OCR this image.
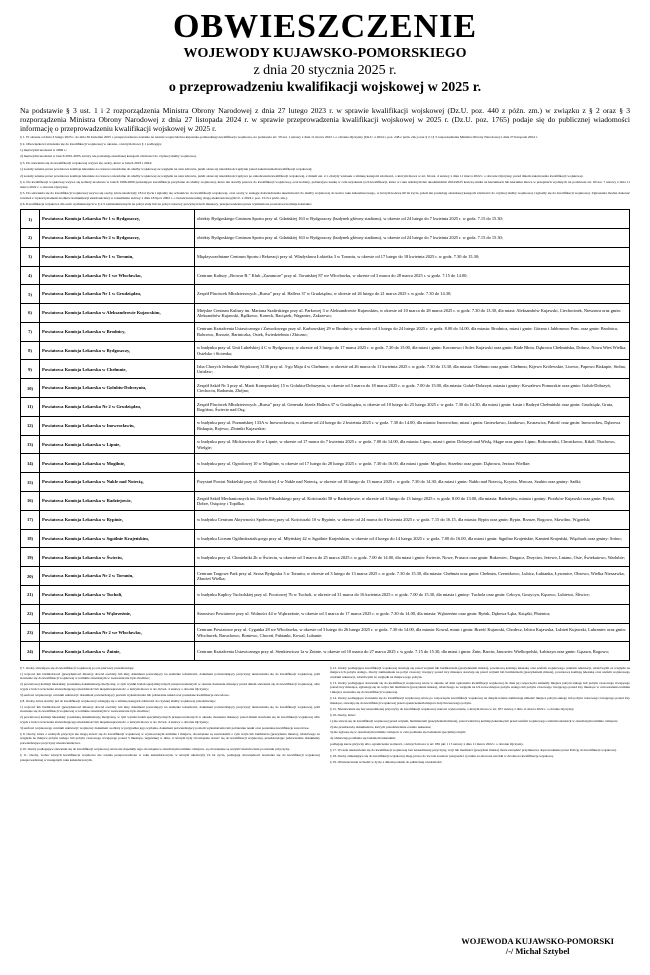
OBWIESZCZENIE
WOJEWODY KUJAWSKO-POMORSKIEGO
z dnia 20 stycznia 2025 r.
o przeprowadzeniu kwalifikacji wojskowej w 2025 r.
Na podstawie § 3 ust. 1 i 2 rozporządzenia Ministra Obrony Narodowej z dnia 27 lutego 2023 r. w sprawie kwalifikacji wojskowej (Dz.U. poz. 440 z późn. zm.) w związku z § 2 oraz § 3 rozporządzenia Ministra Obrony Narodowej z dnia 27 listopada 2024 r. w sprawie przeprowadzenia kwalifikacji wojskowej w 2025 r. (Dz.U. poz. 1765) podaje się do publicznej wiadomości informację o przeprowadzeniu kwalifikacji wojskowej w 2025 r.
§ 1. W okresie od dnia 3 lutego 2025 r. do dnia 30 kwietnia 2025 r. przeprowadzona zostanie na terenie województwa kujawsko-pomorskiego kwalifikacja wojskowa, na podstawie art. 59 ust. 1 ustawy z dnia 11 marca 2022 r. o obronie Ojczyzny (Dz.U. z 2024 r. poz. 248 z późn. zm.) oraz § 2 i § 3 rozporządzenia Ministra Obrony Narodowej z dnia 27 listopada 2024 r.
§ 2. Obowiązkowi stawienia się do kwalifikacji wojskowej w okresie, o którym mowa § 1 podlegają:
1) mężczyźni urodzeni w 2006 r.;
2) mężczyźni urodzeni w latach 2001-2005, którzy nie posiadają określonej kategorii zdolności do czynnej służby wojskowej.
§ 3. Do stawienia się do kwalifikacji wojskowej wzywa się osoby, które w latach 2023 i 2024:
1) zostały uznane przez powiatowe komisje lekarskie za czasowo niezdolne do służby wojskowej ze względu na stan zdrowia, jeżeli okres tej niezdolności upłynie przed zakończeniem kwalifikacji wojskowej;
2) zostały uznane przez powiatowe komisje lekarskie za czasowo niezdolne do służby wojskowej ze względu na stan zdrowia, jeżeli okres tej niezdolności upływa po zakończeniu kwalifikacji wojskowej, z dniem ust. 2, i złożyły wniosek o zmianę kategorii zdolności, o którym mowa w art. 64 ust. 4 ustawy z dnia 11 marca 2022 r. o obronie Ojczyzny, przed dniem zakończenia kwalifikacji wojskowej.
§ 4. Do kwalifikacji wojskowej wzywa się kobiety urodzone w latach 1996-2006 posiadające kwalifikacje przydatne do służby wojskowej, które nie stawiły jeszcze do kwalifikacji wojskowej, oraz kobiety, pobierające naukę w celu uzyskania tych kwalifikacji, które w roku szkolnym lub akademickim 2024/2025 kończą studia na kierunkach lub kierunku mowa w przepisach wydanych na podstawie art. 60 ust. 7 ustawy z dnia 11 marca 2022 r. o obronie Ojczyzny.
§ 5. Do stawienia się do kwalifikacji wojskowej wzywa się osoby, które ukończyły 18 lat życia i zgłosiły się ochotniczo do kwalifikacji wojskowej, oraz osoby w zasięgu doświadczenia niezdolności do służby wojskowej do końca roku kalendarzowego, w którym kończą 60 lat życia, jeżeli nie posiadają określonej kategorii zdolności do czynnej służby wojskowej i zgłosiły się do kwalifikacji wojskowej. Zgłoszenia można dokonać również z wykorzystaniem środków komunikacji elektronicznej w rozumieniu ustawy z dnia 18 lipca 2002 r. o świadczeniu usług drogą elektroniczną (Dz.U. z 2024 r. poz. 1513 z późn. zm.).
§ 6. Kwalifikacja wojskowa dla osób wymienionych w § 2-5 zamieszkiwanych na pobyt stały lub na pobyt czasowy powyżej trzech miesięcy, przeprowadzana przez wymienione powiatowe komisje lekarskie:
1)	Powiatowa Komisja Lekarska Nr 1 w Bydgoszczy,	obiekty Bydgoskiego Centrum Sportu przy ul. Gdańskiej 163 w Bydgoszczy (budynek główny stadionu), w okresie od 24 lutego do 7 kwietnia 2025 r. w godz. 7.15 do 15.30;
2)	Powiatowa Komisja Lekarska Nr 2 w Bydgoszczy,	obiekty Bydgoskiego Centrum Sportu przy ul. Gdańskiej 163 w Bydgoszczy (budynek główny stadionu), w okresie od 24 lutego do 7 kwietnia 2025 r. w godz. 7.15 do 15.30;
3)	Powiatowa Komisja Lekarska Nr 1 w Toruniu,	Międzyuczelniane Centrum Sportu i Rekreacji przy ul. Władysława Łokietka 3 w Toruniu, w okresie od 17 lutego do 18 kwietnia 2025 r. w godz. 7.30 do 15.30;
4)	Powiatowa Komisja Lekarska Nr 1 we Włocławku,	Centrum Kultury „Browar B.” Klub „Zazamcze” przy ul. Toruńskiej 87 we Włocławku, w okresie od 3 marca do 28 marca 2025 r. w godz. 7.15 do 14.00;
5)	Powiatowa Komisja Lekarska Nr 1 w Grudziądzu,	Zespół Placówek Młodzieżowych „Bursa” przy ul. Hallera 37 w Grudziądzu, w okresie od 26 lutego do 21 marca 2025 r. w godz. 7.30 do 14.30;
6)	Powiatowa Komisja Lekarska w Aleksandrowie Kujawskim,	Miejskie Centrum Kultury im. Mariana Szafirskiego przy ul. Parkowej 3 w Aleksandrowie Kujawskim, w okresie od 10 marca do 28 marca 2025 r. w godz. 7.30 do 13.30, dla miast: Aleksandrów Kujawski, Ciechocinek, Nieszawa oraz gmin: Aleksandrów Kujawski, Bądkowo, Koneck, Raciążek, Waganiec, Zakrzewo;
7)	Powiatowa Komisja Lekarska w Brodnicy,	Centrum Kształcenia Ustawicznego i Zawodowego przy ul. Karbowskiej 29 w Brodnicy, w okresie od 3 lutego do 24 lutego 2025 r. w godz. 8.00 do 14.00, dla miasta: Brodnica, miast i gmin: Górzno i Jabłonowo Pom. oraz gmin: Brodnica, Bobrowo, Brzozie, Bartniczka, Osiek, Świedziebnia i Zbiczno;
8)	Powiatowa Komisja Lekarska w Bydgoszczy,	w budynku przy ul. Unii Lubelskiej 4 C w Bydgoszczy, w okresie od 3 lutego do 17 marca 2025 r. w godz. 7.30 do 15.00, dla miast i gmin: Koronowo i Solec Kujawski oraz gmin: Białe Błota, Dąbrowa Chełmińska, Dobrcz, Nowa Wieś Wielka, Osielsko i Sicienko;
9)	Powiatowa Komisja Lekarska w Chełmnie,	Izba Chorych Jednostki Wojskowej 3136 przy ul. 3-go Maja 4 w Chełmnie, w okresie od 26 marca do 11 kwietnia 2025 r. w godz. 7.30 do 13.30, dla miasta: Chełmno oraz gmin: Chełmno, Kijewo Królewskie, Lisewo, Papowo Biskupie, Stolno, Unisław;
10)	Powiatowa Komisja Lekarska w Golubiu-Dobrzyniu,	Zespół Szkół Nr 3 przy ul. Marii Konopnickiej 15 w Golubiu-Dobrzyniu, w okresie od 3 marca do 18 marca 2025 r. w godz. 7.00 do 15.00, dla miasta: Golub-Dobrzyń, miasta i gminy: Kowalewo Pomorskie oraz gmin: Golub-Dobrzyń, Ciechocin, Radomin, Zbójno;
11)	Powiatowa Komisja Lekarska Nr 2 w Grudziądzu,	Zespół Placówek Młodzieżowych „Bursa” przy ul. Generała Józefa Hallera 37 w Grudziądzu, w okresie od 10 lutego do 25 lutego 2025 r. w godz. 7.30 do 14.30, dla miast i gmin: Łasin i Radzyń Chełmiński oraz gmin: Grudziądz, Gruta, Rogóźno, Świecie nad Osą;
12)	Powiatowa Komisja Lekarska w Inowrocławiu,	w budynku przy ul. Poznańskiej 133A w Inowrocławiu, w okresie od 24 lutego do 2 kwietnia 2025 r. w godz. 7.30 do 14.00, dla miasta: Inowrocław, miast i gmin: Gniewkowo, Janikowo, Kruszwica, Pakość oraz gmin: Inowrocław, Dąbrowa Biskupia, Rojewo, Złotniki Kujawskie;
13)	Powiatowa Komisja Lekarska w Lipnie,	w budynku przy ul. Mickiewicza 46 w Lipnie, w okresie od 17 marca do 7 kwietnia 2025 r. w godz. 7.00 do 14.00, dla miasta: Lipno, miast i gmin: Dobrzyń nad Wisłą, Skępe oraz gmin: Lipno, Bobrowniki, Chrostkowo, Kikół, Tłuchowo, Wielgie;
14)	Powiatowa Komisja Lekarska w Mogilnie,	w budynku przy ul. Ogrodowej 10 w Mogilnie, w okresie od 17 lutego do 28 lutego 2025 r. w godz. 7.30 do 16.00, dla miast i gmin: Mogilno, Strzelno oraz gmin: Dąbrowa, Jeziora Wielkie;
15)	Powiatowa Komisja Lekarska w Nakle nad Notecią,	Przystań Powiat Nakielski przy ul. Noteckiej 4 w Nakle nad Notecią, w okresie od 18 lutego do 13 marca 2025 r. w godz. 7.30 do 14.30, dla miast i gmin: Nakło nad Notecią, Kcynia, Mrocza, Szubin oraz gminy: Sadki;
16)	Powiatowa Komisja Lekarska w Radziejowie,	Zespół Szkół Mechanicznych im. Józefa Piłsudskiego przy ul. Kościuszki 58 w Radziejowie, w okresie od 3 lutego do 13 lutego 2025 r. w godz. 8.00 do 13.00, dla miasta: Radziejów, miasta i gminy: Piotrków Kujawski oraz gmin: Bytoń, Dobre, Osięciny i Topólka;
17)	Powiatowa Komisja Lekarska w Rypinie,	w budynku Centrum Aktywności Społecznej przy ul. Kościuszki 10 w Rypinie, w okresie od 24 marca do 8 kwietnia 2025 r. w godz. 7.15 do 16.15, dla miasta: Rypin oraz gmin: Rypin, Brzuze, Rogowo, Skrwilno, Wąpielsk;
18)	Powiatowa Komisja Lekarska w Sępólnie Krajeńskim,	w budynku Liceum Ogólnokształcącego przy ul. Młyńskiej 42 w Sępólnie Krajeńskim, w okresie od 4 lutego do 14 lutego 2025 r. w godz. 7.00 do 16.00, dla miast i gmin: Sępólno Krajeńskie, Kamień Krajeński, Więcbork oraz gminy: Sośno;
19)	Powiatowa Komisja Lekarska w Świeciu,	w budynku przy ul. Chmielniki 2b w Świeciu, w okresie od 3 marca do 25 marca 2025 r. w godz. 7.00 do 14.00, dla miast i gmin: Świecie, Nowe, Pruszcz oraz gmin: Bukowiec, Dragacz, Drzycim, Jeżewo, Lniano, Osie, Świekatowo, Warlubie;
20)	Powiatowa Komisja Lekarska Nr 2 w Toruniu,	Centrum Targowe Park przy ul. Szosa Bydgoska 3 w Toruniu, w okresie od 3 lutego do 13 marca 2025 r. w godz. 7.30 do 15.30, dla miasta: Chełmża oraz gmin: Chełmża, Czernikowo, Lubicz, Łubianka, Łysomice, Obrowo, Wielka Nieszawka, Zławieś Wielka;
21)	Powiatowa Komisja Lekarska w Tucholi,	w budynku Kaplicy Tucholskiej przy ul. Pocztowej 7b w Tucholi, w okresie od 31 marca do 16 kwietnia 2025 r. w godz. 7.00 do 15.30, dla miasta i gminy: Tuchola oraz gmin: Cekcyn, Gostycyn, Kęsowo, Lubiewo, Śliwice;
22)	Powiatowa Komisja Lekarska w Wąbrzeźnie,	Starostwo Powiatowe przy ul. Wolności 44 w Wąbrzeźnie, w okresie od 3 marca do 17 marca 2025 r. w godz. 7.30 do 14.00, dla miasta: Wąbrzeźno oraz gmin: Ryńsk, Dębowa Łąka, Książki, Płużnica;
23)	Powiatowa Komisja Lekarska Nr 2 we Włocławku,	Centrum Powiatowe przy ul. Cyganka 28 we Włocławku, w okresie od 3 lutego do 26 lutego 2025 r. w godz. 7.30 do 14.00, dla miasta: Kowal, miast i gmin: Brześć Kujawski, Chodecz, Izbica Kujawska, Lubień Kujawski, Lubraniec oraz gmin: Włocławek, Baruchowo, Boniewo, Choceń, Fabianki, Kowal, Lubanie;
24)	Powiatowa Komisja Lekarska w Żninie,	Centrum Kształcenia Ustawicznego przy ul. Sienkiewicza 1a w Żninie, w okresie od 10 marca do 27 marca 2025 r. w godz. 7.15 do 15.30, dla miast i gmin: Żnin, Barcin, Janowiec Wielkopolski, Łabiszyn oraz gmin: Gąsawa, Rogowo;
§ 7. Osoby stawiające się do kwalifikacji wojskowej po raz pierwszy przedstawiają:
1) wojtowi lub burmistrzowi (prezydentowi miasta): dowód osobisty lub inny dokument pozwalający na ustalenie tożsamości, dokument potwierdzający przyczyny niestawienia się do kwalifikacji wojskowej, jeśli stawienie się do kwalifikacji wojskowej w terminie określonym w wezwaniu nie było możliwe;
2) powiatowej komisji lekarskiej: posiadaną dokumentację medyczną, w tym wyniki badań specjalistycznych przeprowadzonych w okresie dwunastu miesięcy przed dniem stawienia się do kwalifikacji wojskowej, albo wypis z treści orzeczenia stwierdzającego niezdolność lub niepełnosprawność, o którym mowa w art. 62 ust. 4 ustawy o obronie Ojczyzny;
3) szefowi wojskowego centrum rekrutacji: dokument potwierdzający poziom wykształcenia lub pobieranie nauki oraz posiadane kwalifikacje zawodowe.
§ 8. Osoby, które stawiły już do kwalifikacji wojskowej i ubiegają się o zmianę kategorii zdolności do czynnej służby wojskowej przedstawiają:
1) wojtowi lub burmistrzowi (prezydentowi miasta): dowód osobisty lub inny dokument pozwalający na ustalenie tożsamości, dokument potwierdzający przyczyny niestawienia się do kwalifikacji wojskowej, jeśli stawienie się do kwalifikacji wojskowej w terminie określonym w wezwaniu nie było możliwe;
2) powiatowej komisji lekarskiej: posiadaną dokumentację medyczną, w tym wyniki badań specjalistycznych przeprowadzonych w okresie dwunastu miesięcy przed dniem stawienia się do kwalifikacji wojskowej albo wypis z treści orzeczenia stwierdzającego niezdolność lub niepełnosprawność, o którym mowa w art. 62 ust. 4 ustawy o obronie Ojczyzny;
3) szefowi wojskowego centrum rekrutacji: wojskowy dokument osobisty w przypadku jego wydania, dokument potwierdzający poziom wykształcenia lub pobieranie nauki oraz posiadane kwalifikacje zawodowe.
§ 9. Osoby, które z ważnych przyczyn nie mogą stawić się do kwalifikacji wojskowej w wyznaczonym terminie i miejscu, obowiązane są zawiadomić o tym wójta lub burmistrza (prezydenta miasta), właściwego ze względu na miejsce pobytu stałego lub pobytu czasowego trwającego ponad 3 miesiące, najpóźniej w dniu, w którym były obowiązane stawić się do kwalifikacji wojskowej, przedstawiając jednocześnie dokumenty potwierdzające przyczyny niestawiennictwa.
§ 10. Osoby podlegające stawieniu się do kwalifikacji wojskowej, które nie dopełniły tego obowiązku w określonym terminie i miejscu, są obowiązane są uczynić niezwłocznie po ustaniu przyczyny.
§ 11. Osoby, wobec których kwalifikacja wojskowa nie została przeprowadzona w roku kalendarzowym, w którym ukończyły 19 lat życia, podlegają obowiązkowi stawienia się do kwalifikacji wojskowej przeprowadzanej w następnym roku kalendarzowym.
§ 12. Osoby podlegające kwalifikacji wojskowej stawiają się przed wójtem lub burmistrzem (prezydentem miasta), powiatową komisją lekarską oraz szefem wojskowego centrum rekrutacji, właściwymi ze względu na miejsce ich pobytu stałego. Osoby zamieszkałe na pobyt czasowy trwający ponad trzy miesiące stawiają się przed wójtem lub burmistrzem (prezydentem miasta), powiatową komisją lekarską oraz szefem wojskowego centrum rekrutacji, właściwymi ze względu na miejsce tego pobytu.
§ 13. Osoby podlegające stawieniu się do kwalifikacji wojskowej, które w okresie od dnia ogłoszenia kwalifikacji wojskowej do dnia jej rozpoczęcia zmieniły miejsce pobytu stałego lub pobytu czasowego trwającego ponad trzy miesiące, zgłaszają się do wójta lub burmistrza (prezydenta miasta), właściwego ze względu na ich nowe miejsce pobytu stałego lub pobytu czasowego trwającego ponad trzy miesiące w celu ustalenia terminu i miejsca stawienia się do kwalifikacji wojskowej.
§ 14. Osoby podlegające stawieniu się do kwalifikacji wojskowej, które po rozpoczęciu kwalifikacji wojskowej na danym terenie zamierzają zmienić miejsce pobytu stałego lub pobytu czasowego trwającego ponad trzy miesiące, stawiają się do kwalifikacji wojskowej przed opuszczeniem miejsca dotychczasowego pobytu.
§ 15. Niestawienie się bez uzasadnionej przyczyny do kwalifikacji wojskowej stanowi wykroczenie, o którym mowa w art. 657 ustawy z dnia 11 marca 2022 r. o obronie Ojczyzny.
§ 16. Osoby, które:
1) nie stawią się do kwalifikacji wojskowej przed wójtem, burmistrzem (prezydentem miasta), przed właściwą komisją lekarską lub przed szefem wojskowego centrum rekrutacji w określonym terminie i miejscu;
2) nie przedstawią dokumentów, których przedstawienie zostało nakazane;
3) nie zgłoszą się w określonym terminie i miejscu w celu poddania się badaniom specjalistycznym;
4) odmawiają poddania się badaniom lekarskim;
podlegają karze grzywny albo ograniczenia wolności, o których mowa w art. 681 pkt 1 i 3 ustawy z dnia 11 marca 2022 r. o obronie Ojczyzny.
§ 17. W razie niestawienia się do kwalifikacji wojskowej bez uzasadnionej przyczyny, wójt lub burmistrz (prezydent miasta) może zarządzić przymusowe doprowadzenie przez Policję do kwalifikacji wojskowej.
§ 18. Osoby zmieniające się do kwalifikacji wojskowej mają prawo do zwrotu kosztów przejazdu i ryczałtu za utracone zarobki w drodze na kwalifikację wojskową.
§ 19. Obwieszczenie wchodzi w życie z dniem podania do publicznej wiadomości.
WOJEWODA KUJAWSKO-POMORSKI
/-/ Michał Sztybel
